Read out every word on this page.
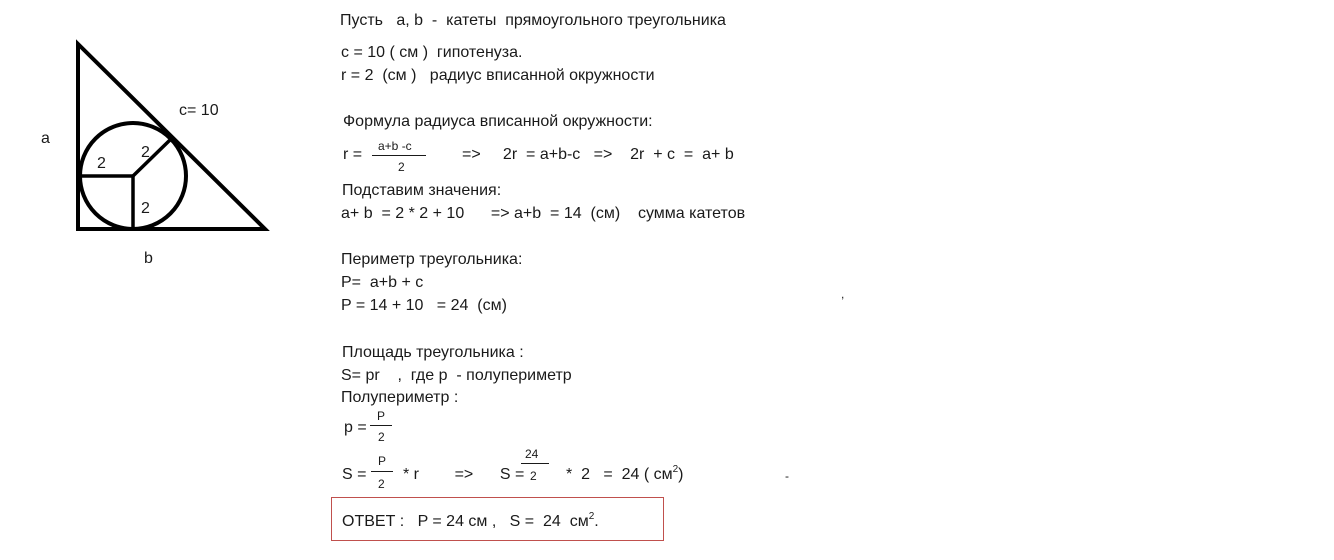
a
b
c= 10
2
2
2
Пусть   a, b  -  катеты  прямоугольного треугольника
c = 10 ( см )  гипотенуза.
r = 2  (см )   радиус вписанной окружности
Формула радиуса вписанной окружности:
r = a+b -c
2
=>     2r  = a+b-c   =>    2r  + c  =  a+ b
Подставим значения:
a+ b  = 2 * 2 + 10      => a+b  = 14  (см)    сумма катетов
Периметр треугольника:
P=  a+b + c
P = 14 + 10   = 24  (см)
Площадь треугольника :
S= pr    ,  где p  - полупериметр
Полупериметр :
p =
P
2
S =
P
2
* r        =>      S =
24
2 *  2   =  24 ( $см^2$)
ОТВЕТ :   P = 24 см ,   S =  24  $см^2$.
,
-
